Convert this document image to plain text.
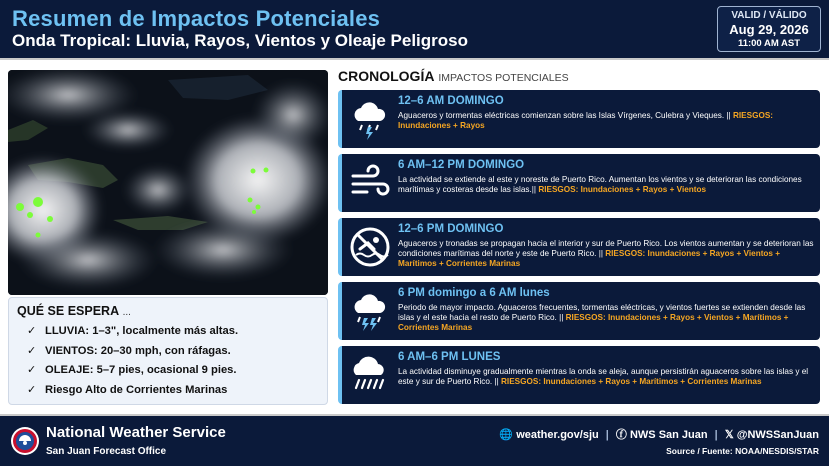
Resumen de Impactos Potenciales
Onda Tropical: Lluvia, Rayos, Vientos y Oleaje Peligroso
VALID / VÁLIDO
Aug 29, 2026
11:00 AM AST
QUÉ SE ESPERA ...
✓ LLUVIA: 1–3", localmente más altas.
✓ VIENTOS: 20–30 mph, con ráfagas.
✓ OLEAJE: 5–7 pies, ocasional 9 pies.
✓ Riesgo Alto de Corrientes Marinas
CRONOLOGÍA IMPACTOS POTENCIALES
12–6 AM DOMINGO
Aguaceros y tormentas eléctricas comienzan sobre las Islas Vírgenes, Culebra y Vieques. || RIESGOS: Inundaciones + Rayos
6 AM–12 PM DOMINGO
La actividad se extiende al este y noreste de Puerto Rico. Aumentan los vientos y se deterioran las condiciones marítimas y costeras desde las islas.|| RIESGOS: Inundaciones + Rayos + Vientos
12–6 PM DOMINGO
Aguaceros y tronadas se propagan hacia el interior y sur de Puerto Rico. Los vientos aumentan y se deterioran las condiciones marítimas del norte y este de Puerto Rico. || RIESGOS: Inundaciones + Rayos + Vientos + Marítimos + Corrientes Marinas
6 PM domingo a 6 AM lunes
Periodo de mayor impacto. Aguaceros frecuentes, tormentas eléctricas, y vientos fuertes se extienden desde las islas y el este hacia el resto de Puerto Rico. || RIESGOS: Inundaciones + Rayos + Vientos + Marítimos + Corrientes Marinas
6 AM–6 PM LUNES
La actividad disminuye gradualmente mientras la onda se aleja, aunque persistirán aguaceros sobre las islas y el este y sur de Puerto Rico. || RIESGOS: Inundaciones + Rayos + Marítimos + Corrientes Marinas
National Weather Service
San Juan Forecast Office
🌐 weather.gov/sju | ⓕ NWS San Juan | 𝕏 @NWSSanJuan
Source / Fuente: NOAA/NESDIS/STAR
